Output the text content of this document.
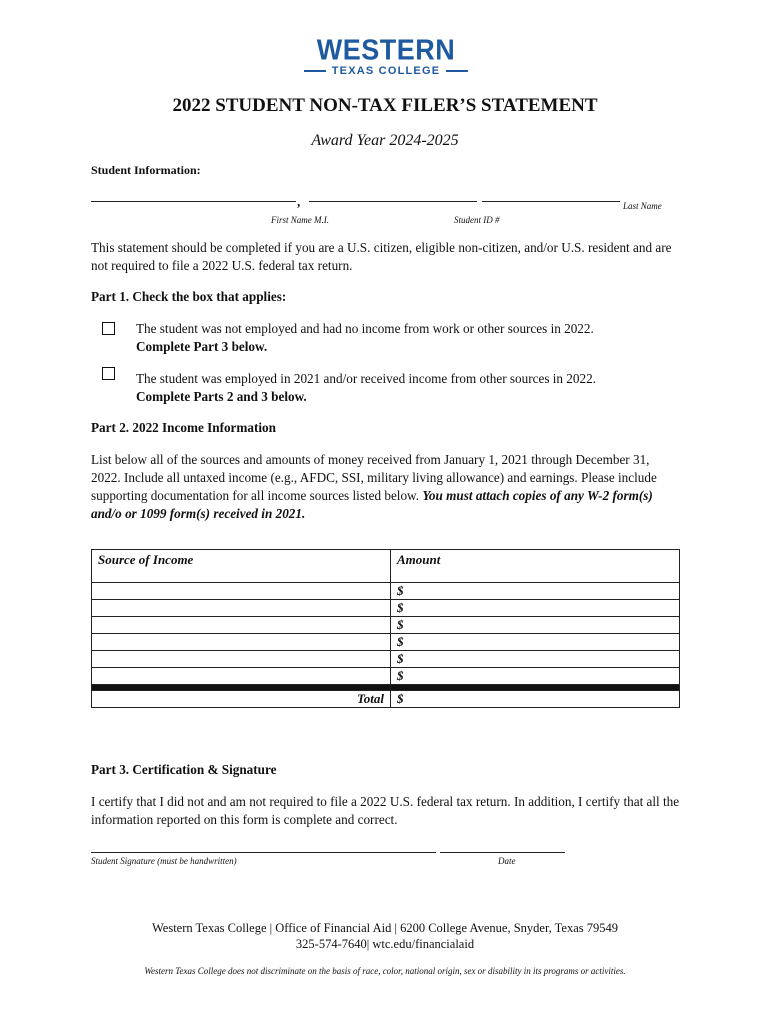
WESTERN
TEXAS COLLEGE
2022 STUDENT NON-TAX FILER’S STATEMENT
Award Year 2024-2025
Student Information:
,	Last Name
First Name M.I.	Student ID #
This statement should be completed if you are a U.S. citizen, eligible non-citizen, and/or U.S. resident and are not required to file a 2022 U.S. federal tax return.
Part 1. Check the box that applies:
The student was not employed and had no income from work or other sources in 2022.
Complete Part 3 below.
The student was employed in 2021 and/or received income from other sources in 2022.
Complete Parts 2 and 3 below.
Part 2. 2022 Income Information
List below all of the sources and amounts of money received from January 1, 2021 through December 31, 2022. Include all untaxed income (e.g., AFDC, SSI, military living allowance) and earnings. Please include supporting documentation for all income sources listed below. You must attach copies of any W-2 form(s) and/o or 1099 form(s) received in 2021.
Source of Income	Amount
	$
	$
	$
	$
	$
	$

Total	$
Part 3. Certification & Signature
I certify that I did not and am not required to file a 2022 U.S. federal tax return. In addition, I certify that all the information reported on this form is complete and correct.
Student Signature (must be handwritten)	Date
Western Texas College | Office of Financial Aid | 6200 College Avenue, Snyder, Texas 79549
325-574-7640| wtc.edu/financialaid
Western Texas College does not discriminate on the basis of race, color, national origin, sex or disability in its programs or activities.
